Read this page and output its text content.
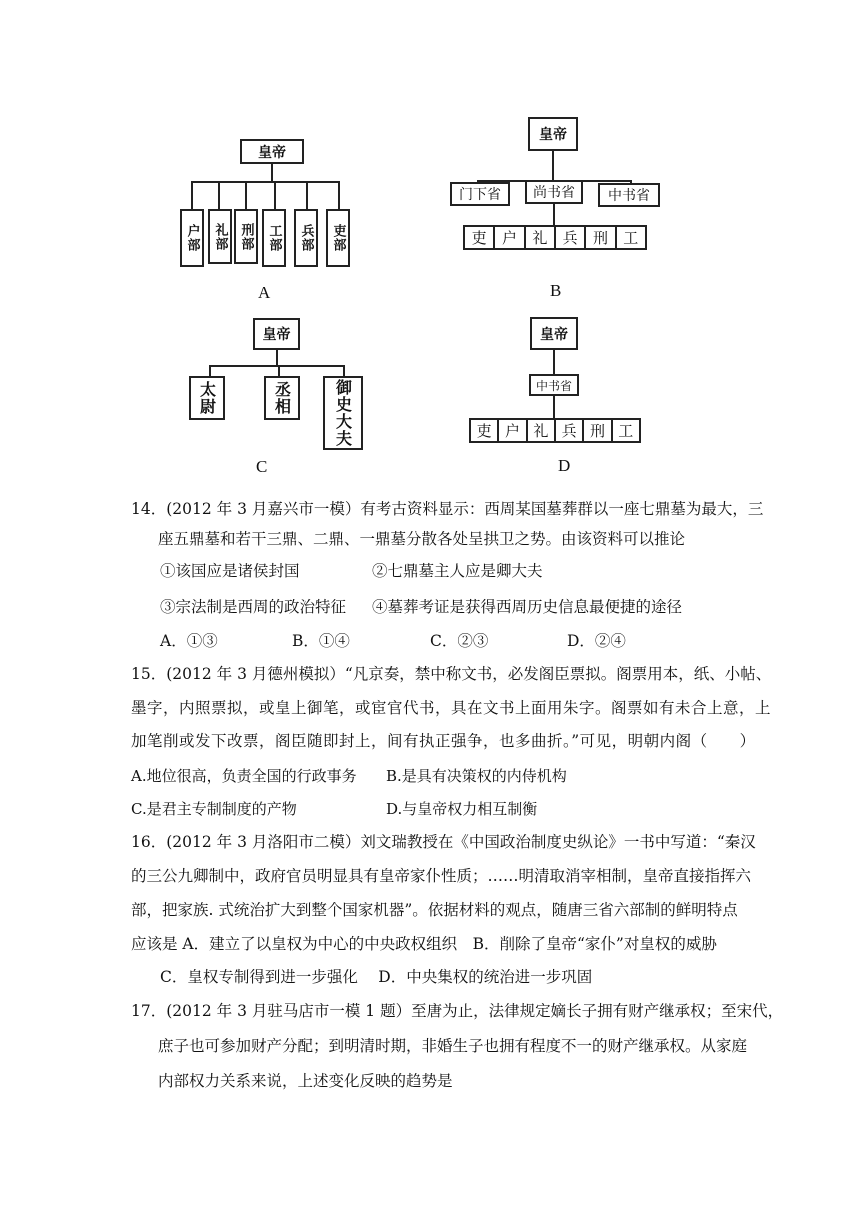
皇帝
户部	礼部 刑部	工部	兵部	吏部
A
皇帝
门下省	尚书省	中书省
吏	户	礼	兵	刑	工
B
皇帝
太尉	丞相	御史大夫
C
皇帝
中书省
吏 户 礼 兵 刑 工
D
14．(2012 年 3 月嘉兴市一模）有考古资料显示：西周某国墓葬群以一座七鼎墓为最大，三
座五鼎墓和若干三鼎、二鼎、一鼎墓分散各处呈拱卫之势。由该资料可以推论
①该国应是诸侯封国	②七鼎墓主人应是卿大夫
③宗法制是西周的政治特征 ④墓葬考证是获得西周历史信息最便捷的途径
A．①③	B．①④	C．②③	D．②④
15．(2012 年 3 月德州模拟）“凡京奏，禁中称文书，必发阁臣票拟。阁票用本，纸、小帖、
墨字，内照票拟，或皇上御笔，或宦官代书，具在文书上面用朱字。阁票如有未合上意，上
加笔削或发下改票，阁臣随即封上，间有执正强争，也多曲折。”可见，明朝内阁（　　）
A.地位很高，负责全国的行政事务 B.是具有决策权的内侍机构
C.是君主专制制度的产物	D.与皇帝权力相互制衡
16．(2012 年 3 月洛阳市二模）刘文瑞教授在《中国政治制度史纵论》一书中写道：“秦汉
的三公九卿制中，政府官员明显具有皇帝家仆性质；……明清取消宰相制，皇帝直接指挥六
部，把家族. 式统治扩大到整个国家机器”。依据材料的观点，随唐三省六部制的鲜明特点
应该是 A．建立了以皇权为中心的中央政权组织　B．削除了皇帝“家仆”对皇权的威胁
C．皇权专制得到进一步强化　 D．中央集权的统治进一步巩固
17．(2012 年 3 月驻马店市一模 1 题）至唐为止，法律规定嫡长子拥有财产继承权；至宋代，
庶子也可参加财产分配；到明清时期，非婚生子也拥有程度不一的财产继承权。从家庭
内部权力关系来说，上述变化反映的趋势是
